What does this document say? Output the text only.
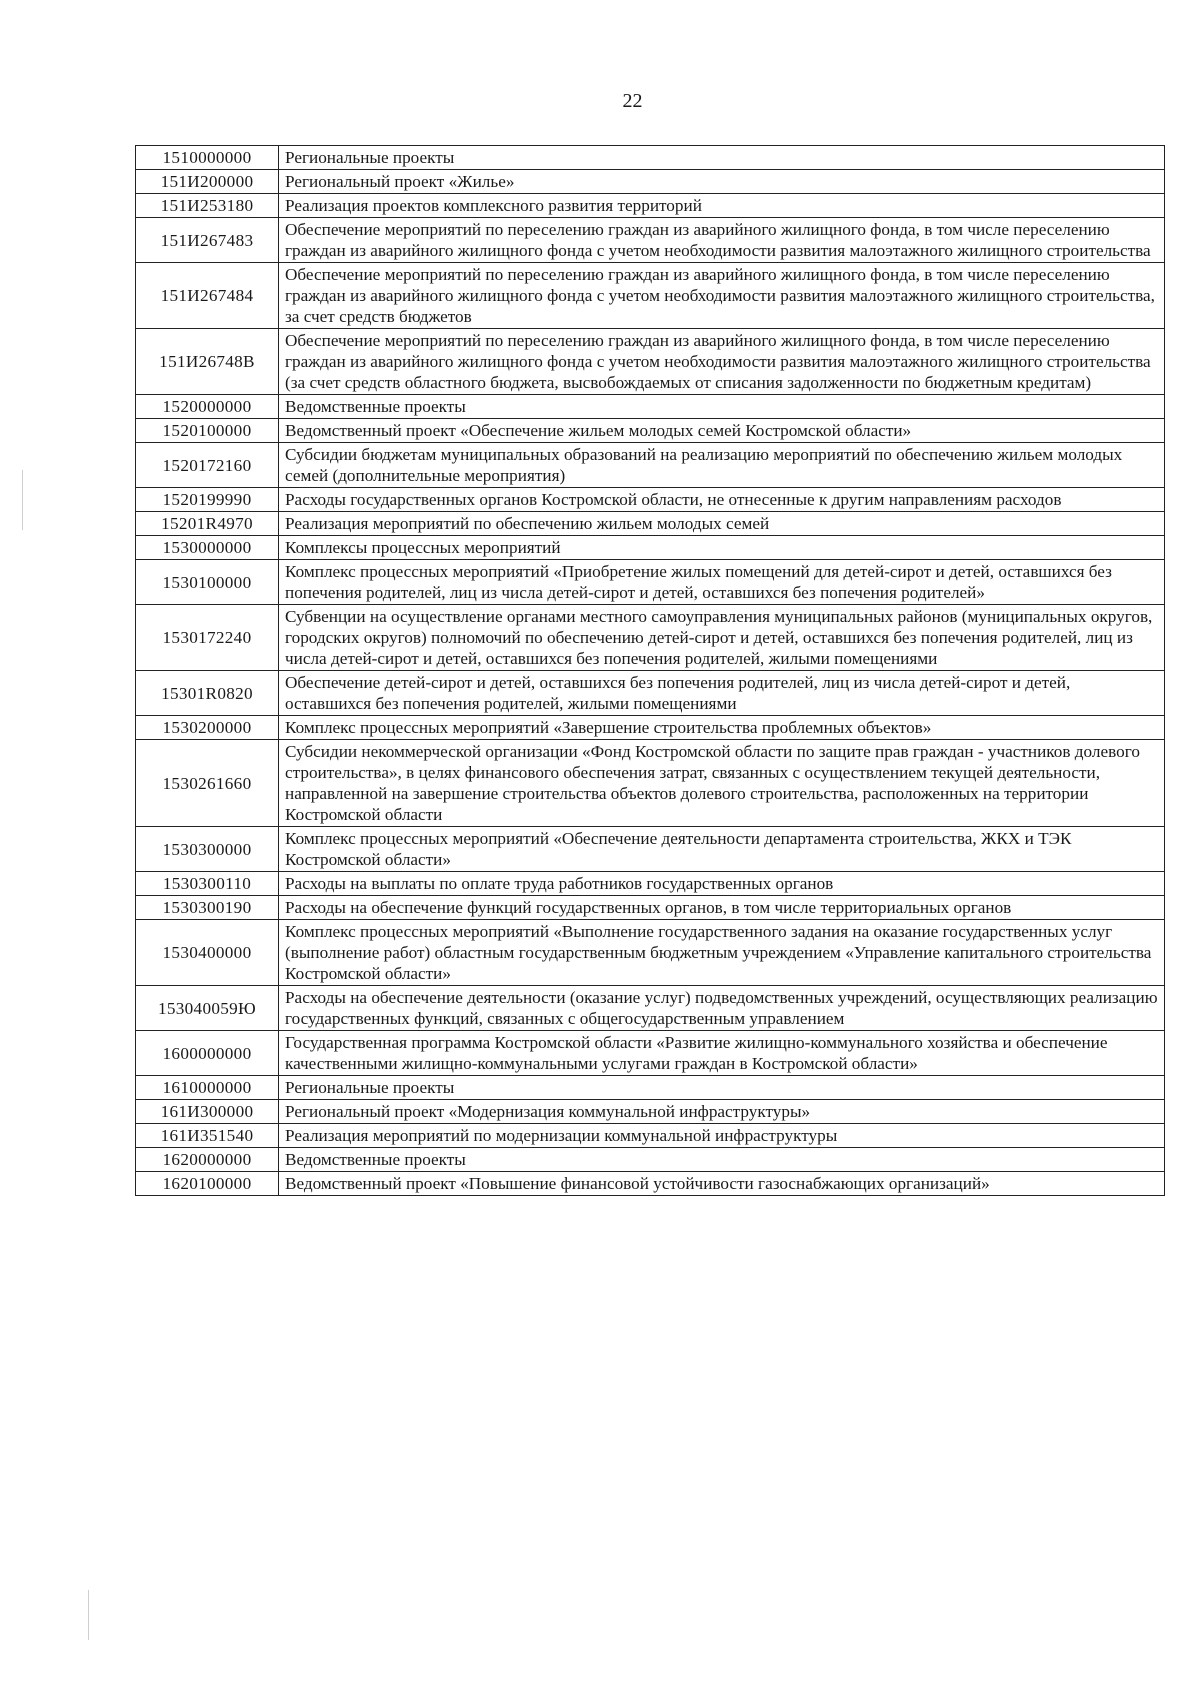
22
1510000000	Региональные проекты
151И200000	Региональный проект «Жилье»
151И253180	Реализация проектов комплексного развития территорий
151И267483	Обеспечение мероприятий по переселению граждан из аварийного жилищного фонда, в том числе переселению граждан из аварийного жилищного фонда с учетом необходимости развития малоэтажного жилищного строительства
151И267484	Обеспечение мероприятий по переселению граждан из аварийного жилищного фонда, в том числе переселению граждан из аварийного жилищного фонда с учетом необходимости развития малоэтажного жилищного строительства, за счет средств бюджетов
151И26748В	Обеспечение мероприятий по переселению граждан из аварийного жилищного фонда, в том числе переселению граждан из аварийного жилищного фонда с учетом необходимости развития малоэтажного жилищного строительства (за счет средств областного бюджета, высвобождаемых от списания задолженности по бюджетным кредитам)
1520000000	Ведомственные проекты
1520100000	Ведомственный проект «Обеспечение жильем молодых семей Костромской области»
1520172160	Субсидии бюджетам муниципальных образований на реализацию мероприятий по обеспечению жильем молодых семей (дополнительные мероприятия)
1520199990	Расходы государственных органов Костромской области, не отнесенные к другим направлениям расходов
15201R4970	Реализация мероприятий по обеспечению жильем молодых семей
1530000000	Комплексы процессных мероприятий
1530100000	Комплекс процессных мероприятий «Приобретение жилых помещений для детей-сирот и детей, оставшихся без попечения родителей, лиц из числа детей-сирот и детей, оставшихся без попечения родителей»
1530172240	Субвенции на осуществление органами местного самоуправления муниципальных районов (муниципальных округов, городских округов) полномочий по обеспечению детей-сирот и детей, оставшихся без попечения родителей, лиц из числа детей-сирот и детей, оставшихся без попечения родителей, жилыми помещениями
15301R0820	Обеспечение детей-сирот и детей, оставшихся без попечения родителей, лиц из числа детей-сирот и детей, оставшихся без попечения родителей, жилыми помещениями
1530200000	Комплекс процессных мероприятий «Завершение строительства проблемных объектов»
1530261660	Субсидии некоммерческой организации «Фонд Костромской области по защите прав граждан - участников долевого строительства», в целях финансового обеспечения затрат, связанных с осуществлением текущей деятельности, направленной на завершение строительства объектов долевого строительства, расположенных на территории Костромской области
1530300000	Комплекс процессных мероприятий «Обеспечение деятельности департамента строительства, ЖКХ и ТЭК Костромской области»
1530300110	Расходы на выплаты по оплате труда работников государственных органов
1530300190	Расходы на обеспечение функций государственных органов, в том числе территориальных органов
1530400000	Комплекс процессных мероприятий «Выполнение государственного задания на оказание государственных услуг (выполнение работ) областным государственным бюджетным учреждением «Управление капитального строительства Костромской области»
153040059Ю	Расходы на обеспечение деятельности (оказание услуг) подведомственных учреждений, осуществляющих реализацию государственных функций, связанных с общегосударственным управлением
1600000000	Государственная программа Костромской области «Развитие жилищно-коммунального хозяйства и обеспечение качественными жилищно-коммунальными услугами граждан в Костромской области»
1610000000	Региональные проекты
161И300000	Региональный проект «Модернизация коммунальной инфраструктуры»
161И351540	Реализация мероприятий по модернизации коммунальной инфраструктуры
1620000000	Ведомственные проекты
1620100000	Ведомственный проект «Повышение финансовой устойчивости газоснабжающих организаций»
